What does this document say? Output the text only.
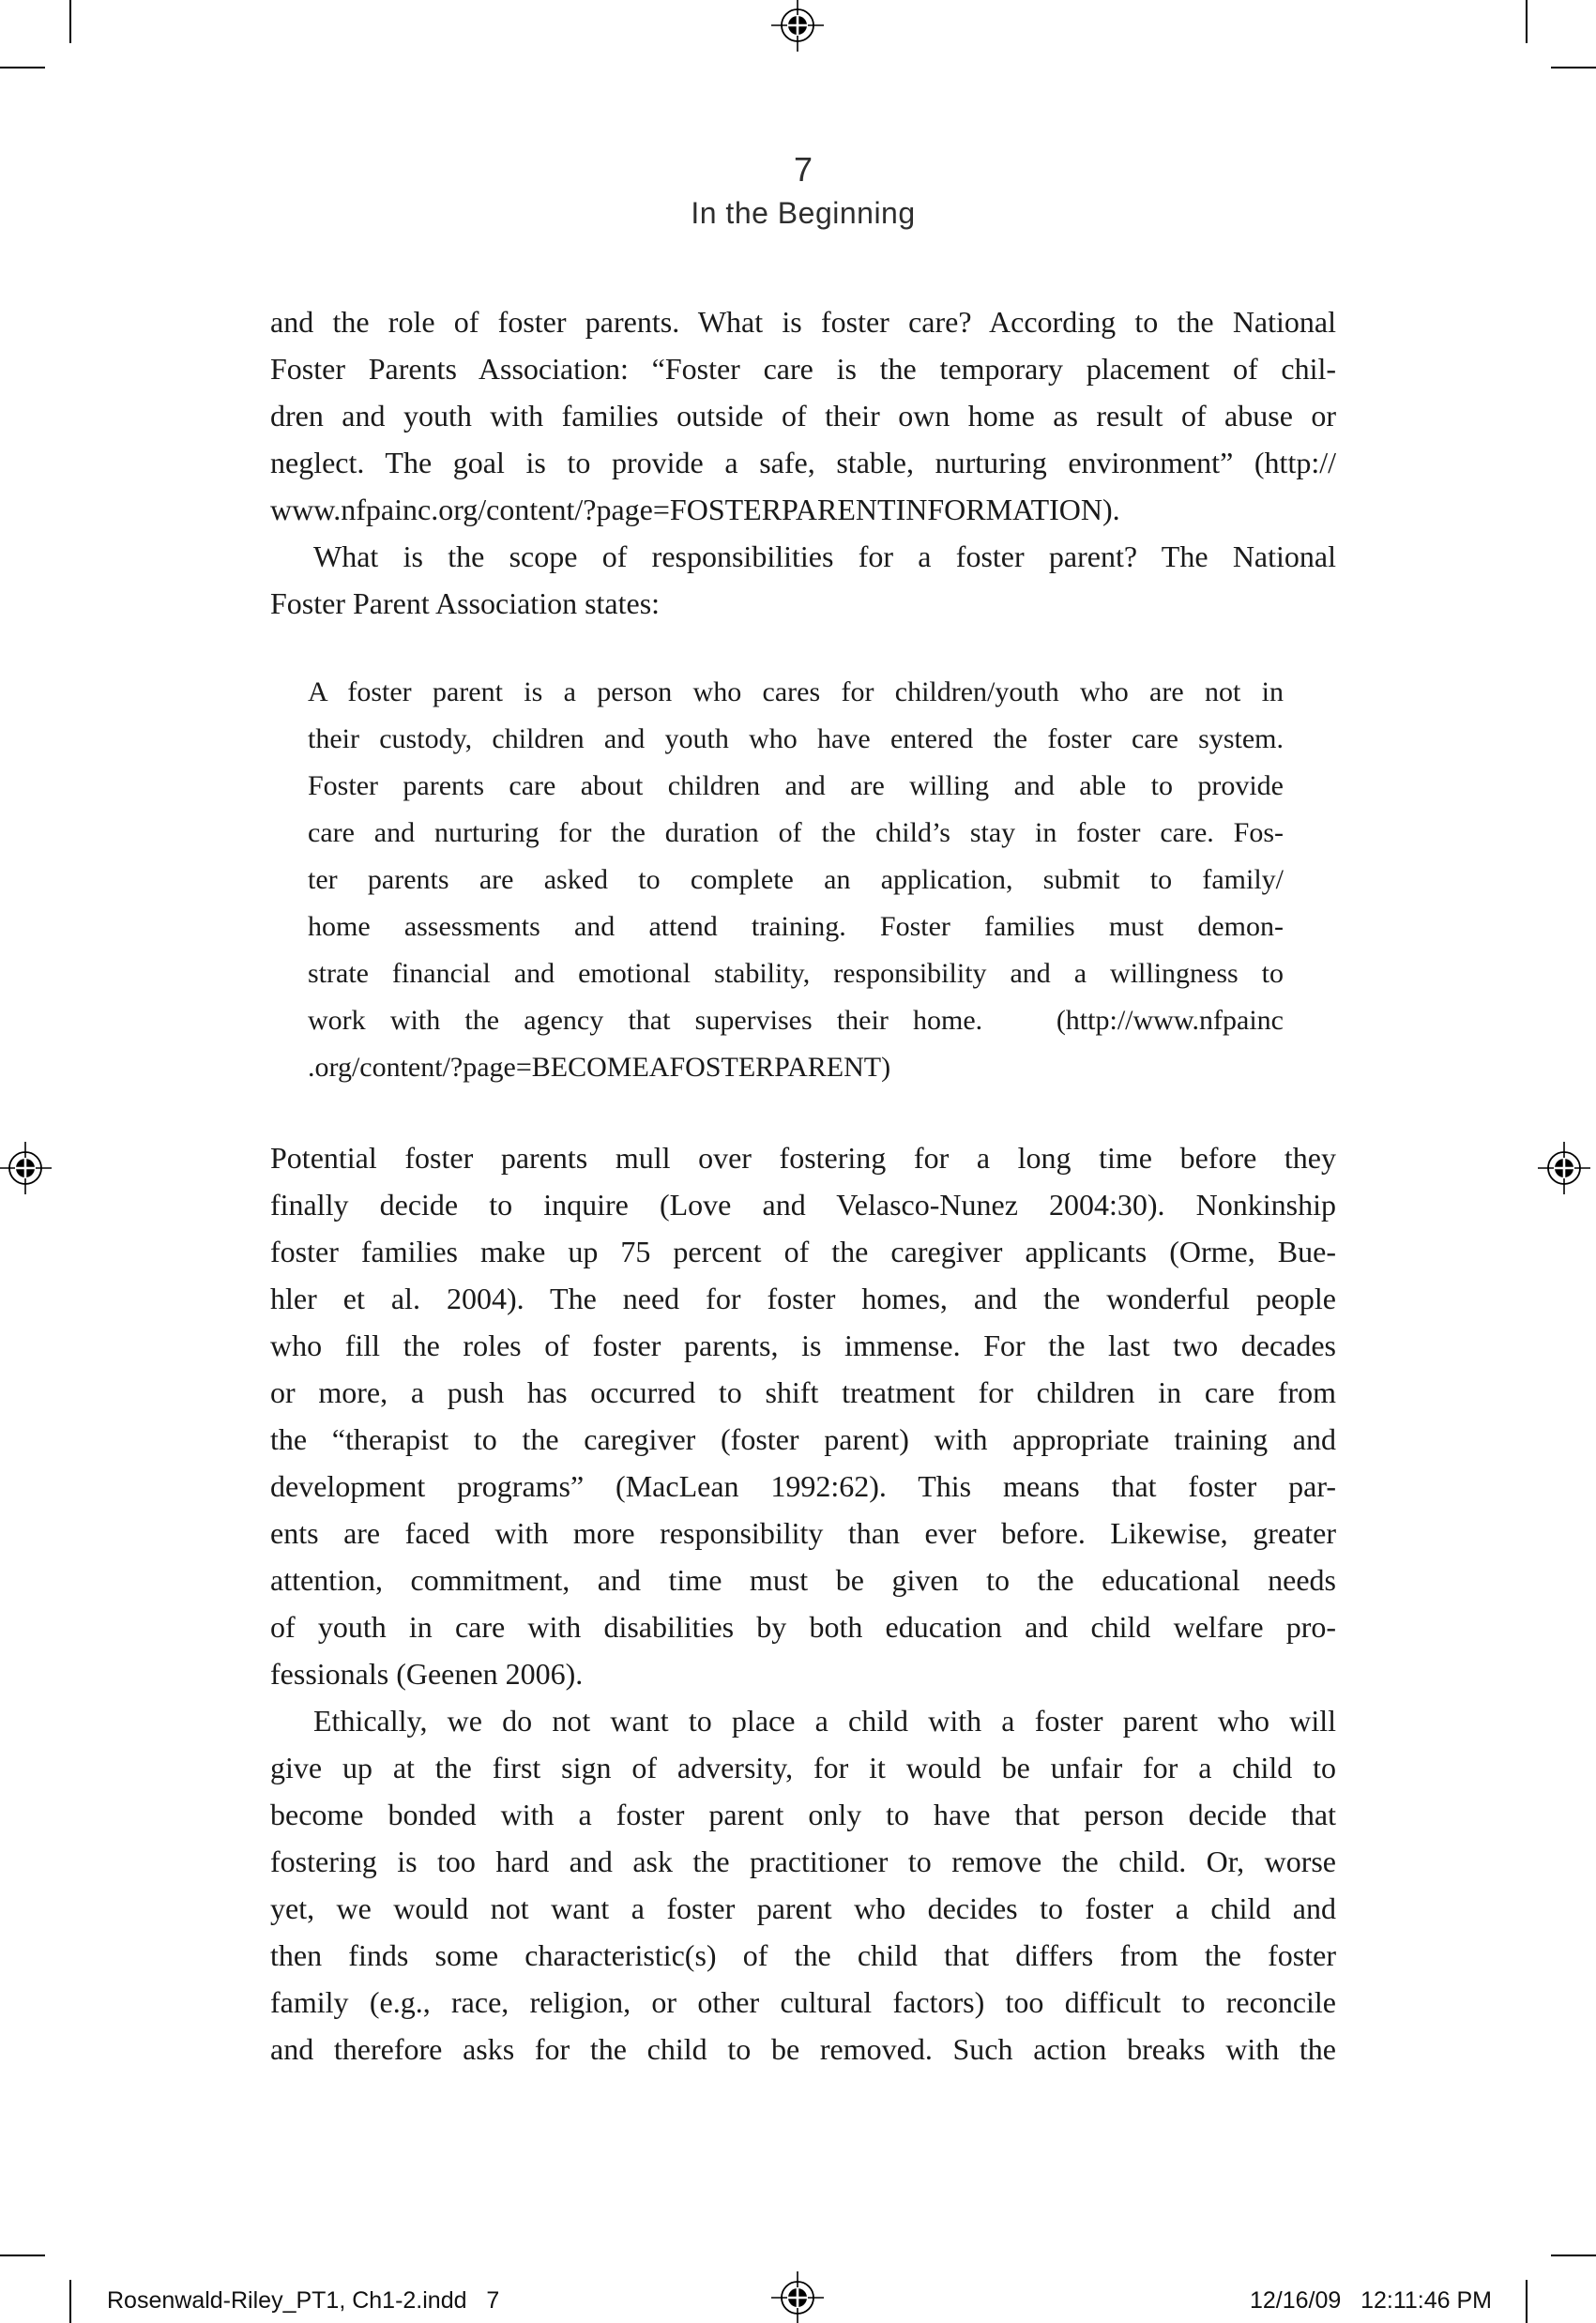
7
In the Beginning
and the role of foster parents. What is foster care? According to the National
Foster Parents Association: “Foster care is the temporary placement of chil-
dren and youth with families outside of their own home as result of abuse or
neglect. The goal is to provide a safe, stable, nurturing environment” (http://
www.nfpainc.org/content/?page=FOSTERPARENTINFORMATION).
What is the scope of responsibilities for a foster parent? The National
Foster Parent Association states:
A foster parent is a person who cares for children/youth who are not in
their custody, children and youth who have entered the foster care system.
Foster parents care about children and are willing and able to provide
care and nurturing for the duration of the child’s stay in foster care. Fos-
ter parents are asked to complete an application, submit to family/
home assessments and attend training. Foster families must demon-
strate financial and emotional stability, responsibility and a willingness to
work with the agency that supervises their home.   (http://www.nfpainc
.org/content/?page=BECOMEAFOSTERPARENT)
Potential foster parents mull over fostering for a long time before they
finally decide to inquire (Love and Velasco-Nunez 2004:30). Nonkinship
foster families make up 75 percent of the caregiver applicants (Orme, Bue-
hler et al. 2004). The need for foster homes, and the wonderful people
who fill the roles of foster parents, is immense. For the last two decades
or more, a push has occurred to shift treatment for children in care from
the “therapist to the caregiver (foster parent) with appropriate training and
development programs” (MacLean 1992:62). This means that foster par-
ents are faced with more responsibility than ever before. Likewise, greater
attention, commitment, and time must be given to the educational needs
of youth in care with disabilities by both education and child welfare pro-
fessionals (Geenen 2006).
Ethically, we do not want to place a child with a foster parent who will
give up at the first sign of adversity, for it would be unfair for a child to
become bonded with a foster parent only to have that person decide that
fostering is too hard and ask the practitioner to remove the child. Or, worse
yet, we would not want a foster parent who decides to foster a child and
then finds some characteristic(s) of the child that differs from the foster
family (e.g., race, religion, or other cultural factors) too difficult to reconcile
and therefore asks for the child to be removed. Such action breaks with the
Rosenwald-Riley_PT1, Ch1-2.indd   7	12/16/09   12:11:46 PM
